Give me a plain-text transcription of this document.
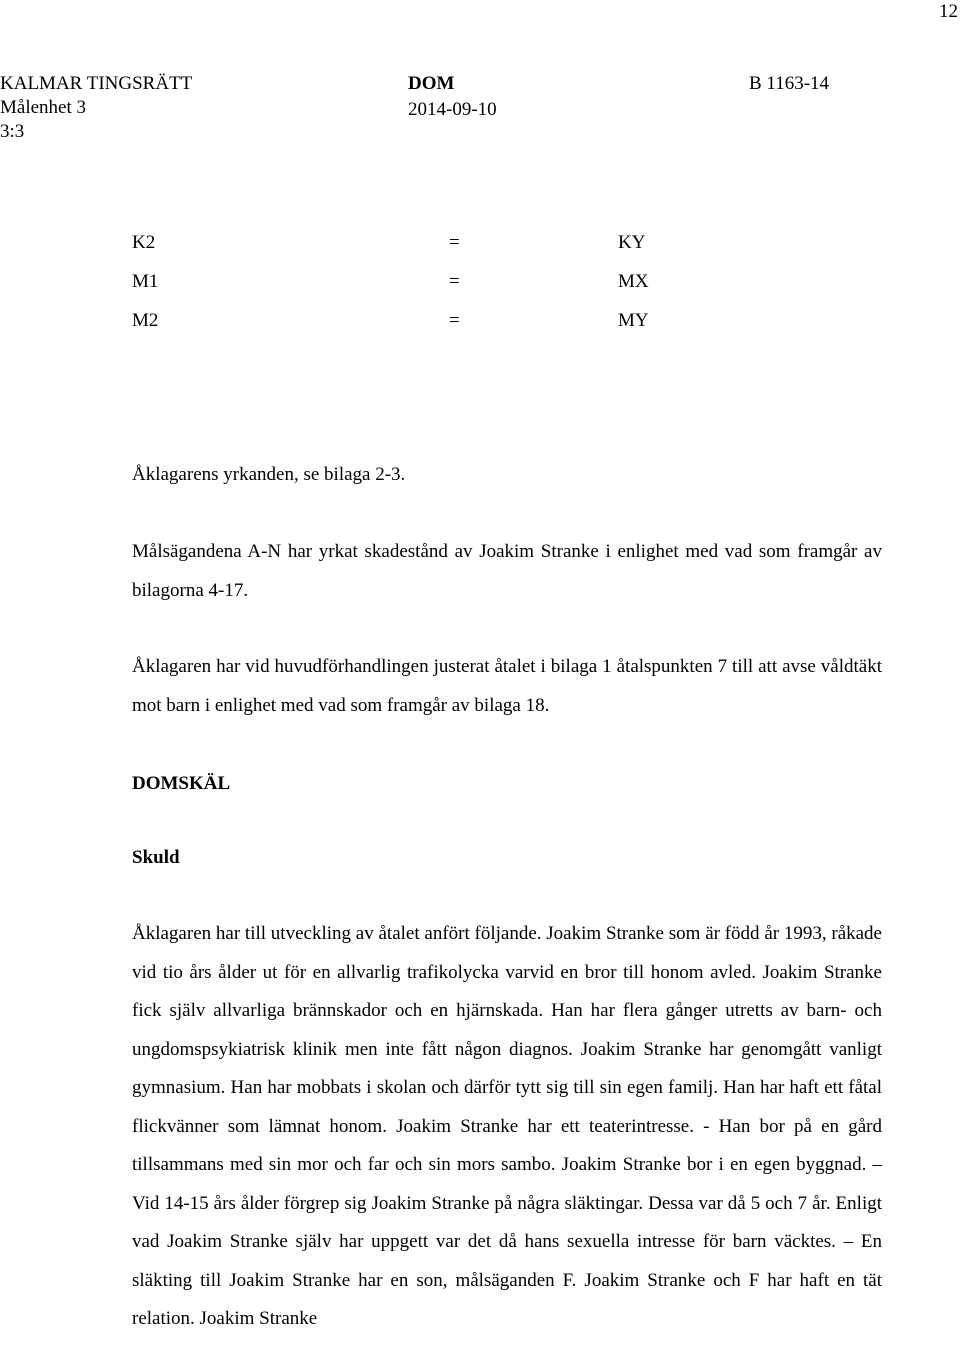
12
KALMAR TINGSRÄTT
Målenhet 3
3:3
DOM
2014-09-10
B 1163-14
K2	=	KY
M1	=	MX
M2	=	MY

Åklagarens yrkanden, se bilaga 2-3.

Målsägandena A-N har yrkat skadestånd av Joakim Stranke i enlighet med vad som framgår av bilagorna 4-17.

Åklagaren har vid huvudförhandlingen justerat åtalet i bilaga 1 åtalspunkten 7 till att avse våldtäkt mot barn i enlighet med vad som framgår av bilaga 18.

DOMSKÄL
Skuld

Åklagaren har till utveckling av åtalet anfört följande. Joakim Stranke som är född år 1993, råkade vid tio års ålder ut för en allvarlig trafikolycka varvid en bror till honom avled. Joakim Stranke fick själv allvarliga brännskador och en hjärnskada. Han har flera gånger utretts av barn- och ungdomspsykiatrisk klinik men inte fått någon diagnos. Joakim Stranke har genomgått vanligt gymnasium. Han har mobbats i skolan och därför tytt sig till sin egen familj. Han har haft ett fåtal flickvänner som lämnat honom. Joakim Stranke har ett teaterintresse. - Han bor på en gård tillsammans med sin mor och far och sin mors sambo. Joakim Stranke bor i en egen byggnad. – Vid 14-15 års ålder förgrep sig Joakim Stranke på några släktingar. Dessa var då 5 och 7 år. Enligt vad Joakim Stranke själv har uppgett var det då hans sexuella intresse för barn väcktes. – En släkting till Joakim Stranke har en son, målsäganden F. Joakim Stranke och F har haft en tät relation. Joakim Stranke
